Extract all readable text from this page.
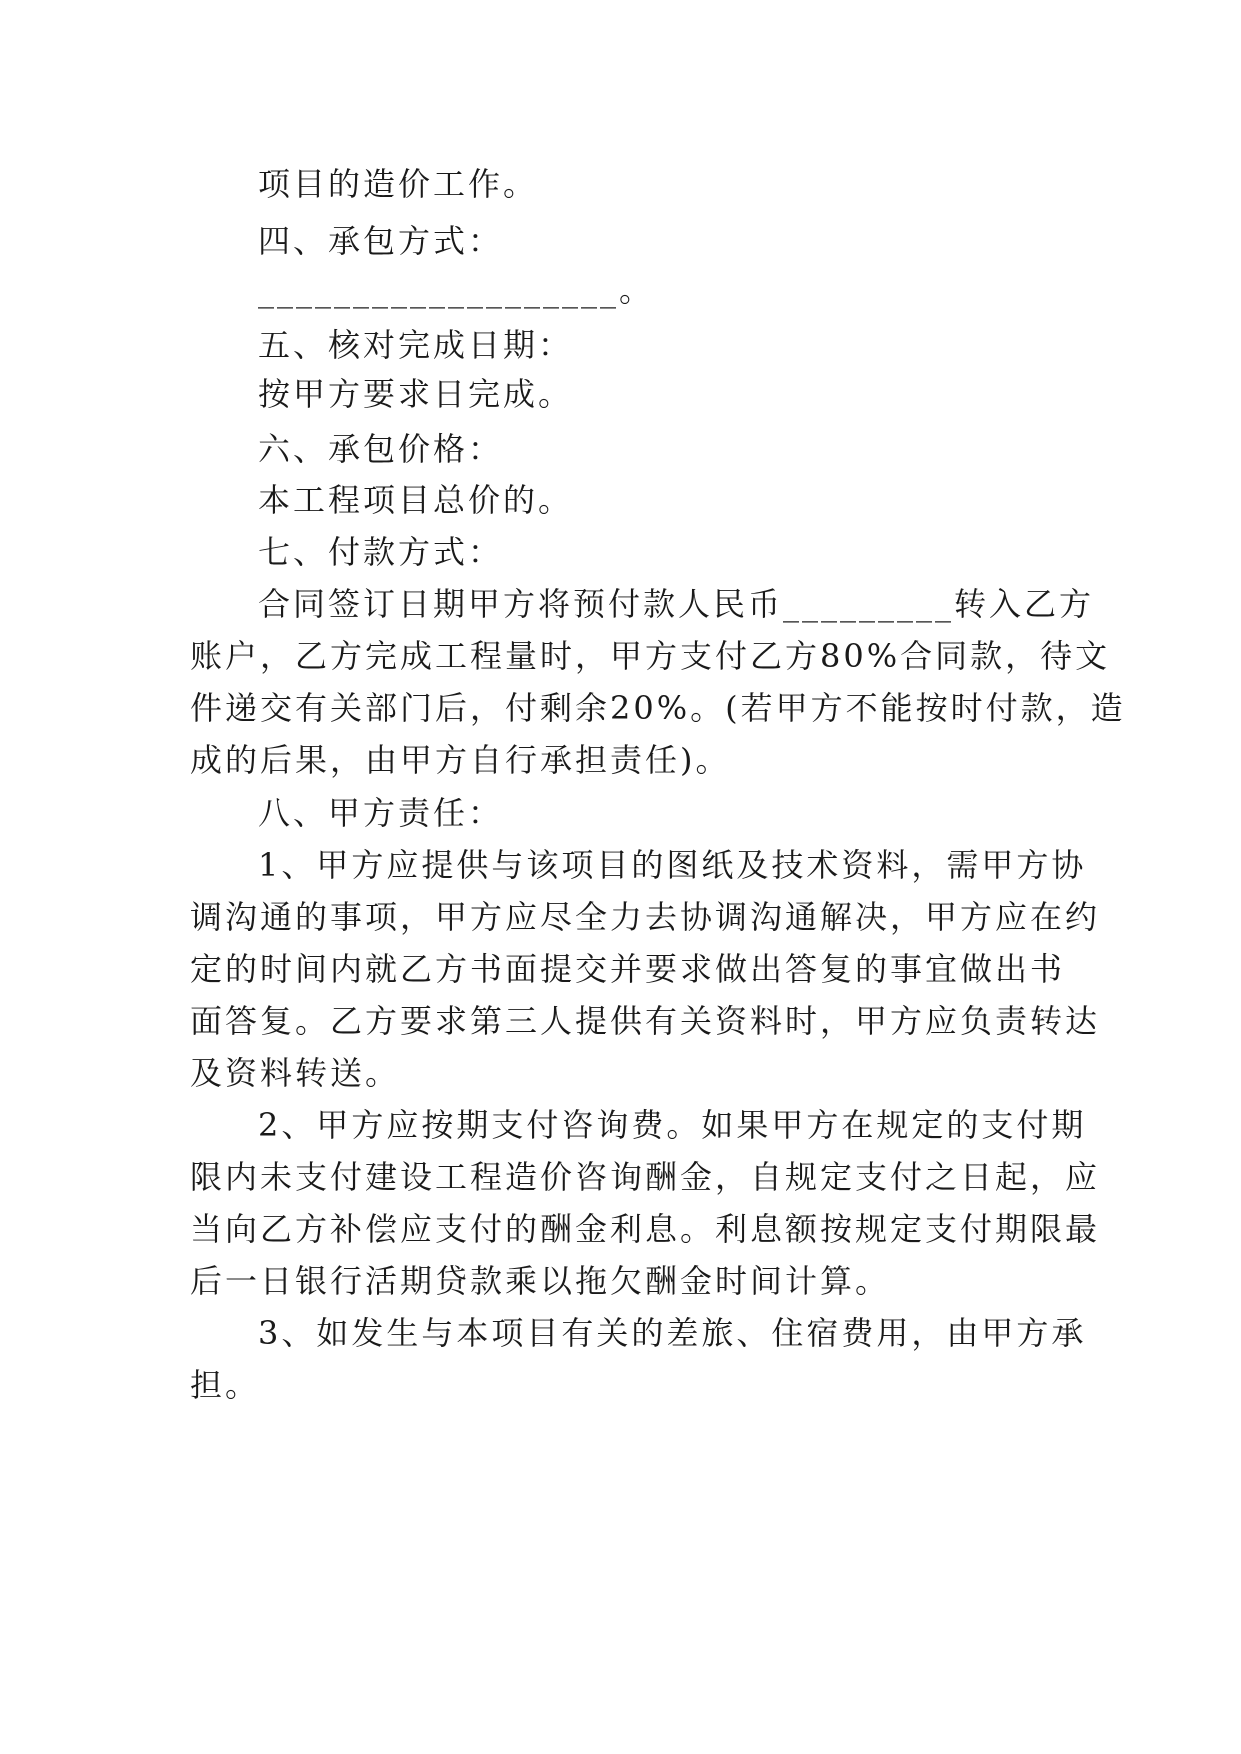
项目的造价工作。
四、承包方式：
___________________。
五、核对完成日期：
按甲方要求日完成。
六、承包价格：
本工程项目总价的。
七、付款方式：
合同签订日期甲方将预付款人民币_________转入乙方
账户，乙方完成工程量时，甲方支付乙方80%合同款，待文
件递交有关部门后，付剩余20%。(若甲方不能按时付款，造
成的后果，由甲方自行承担责任)。
八、甲方责任：
1、甲方应提供与该项目的图纸及技术资料，需甲方协
调沟通的事项，甲方应尽全力去协调沟通解决，甲方应在约
定的时间内就乙方书面提交并要求做出答复的事宜做出书
面答复。乙方要求第三人提供有关资料时，甲方应负责转达
及资料转送。
2、甲方应按期支付咨询费。如果甲方在规定的支付期
限内未支付建设工程造价咨询酬金，自规定支付之日起，应
当向乙方补偿应支付的酬金利息。利息额按规定支付期限最
后一日银行活期贷款乘以拖欠酬金时间计算。
3、如发生与本项目有关的差旅、住宿费用，由甲方承
担。
